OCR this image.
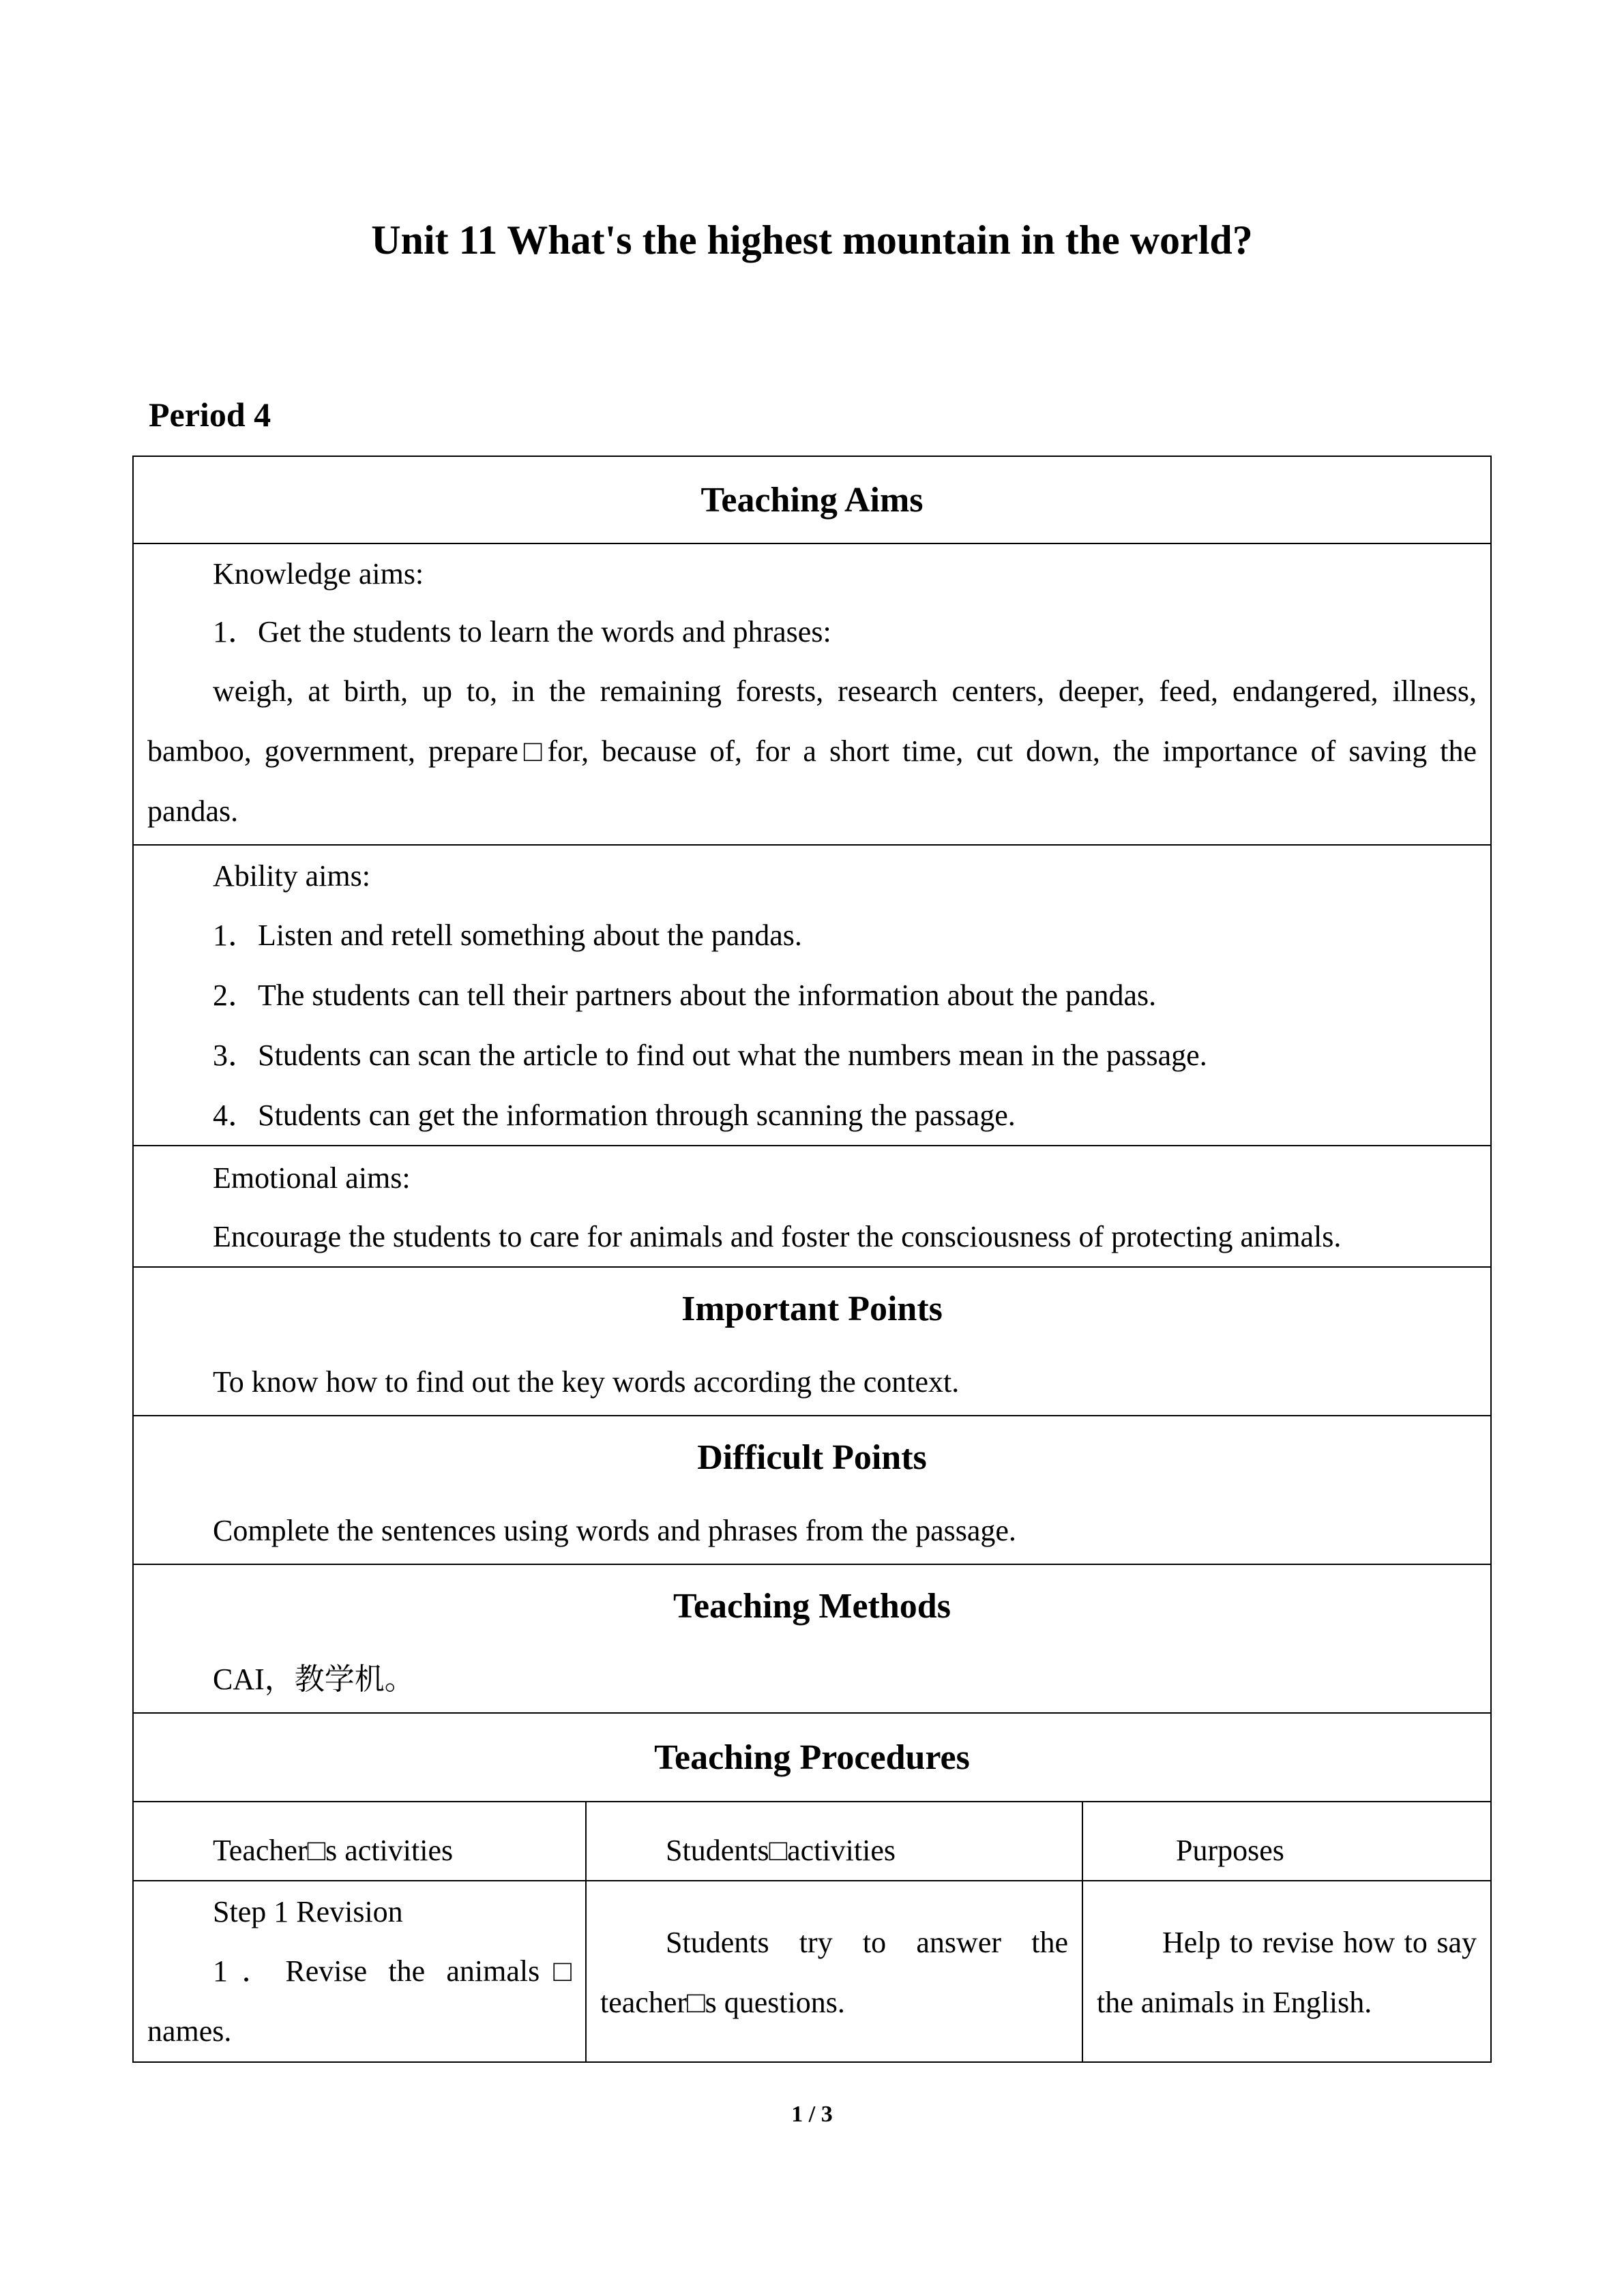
Unit 11 What's the highest mountain in the world?
Period 4
Teaching Aims

Knowledge aims:

1．Get the students to learn the words and phrases:

weigh, at birth, up to, in the remaining forests, research centers, deeper, feed, endangered, illness, bamboo, government, prepare□for, because of, for a short time, cut down, the importance of saving the pandas.

Ability aims:

1．Listen and retell something about the pandas.

2．The students can tell their partners about the information about the pandas.

3．Students can scan the article to find out what the numbers mean in the passage.

4．Students can get the information through scanning the passage.

Emotional aims:

Encourage the students to care for animals and foster the consciousness of protecting animals.

Important Points

To know how to find out the key words according the context.

Difficult Points

Complete the sentences using words and phrases from the passage.

Teaching Methods

CAI，教学机。

Teaching Procedures

Teacher□s activities	Students□activities	Purposes

Step 1 Revision

1．Revise the animals□ names.

Students try to answer the teacher□s questions.

Help to revise how to say the animals in English.

1 / 3
